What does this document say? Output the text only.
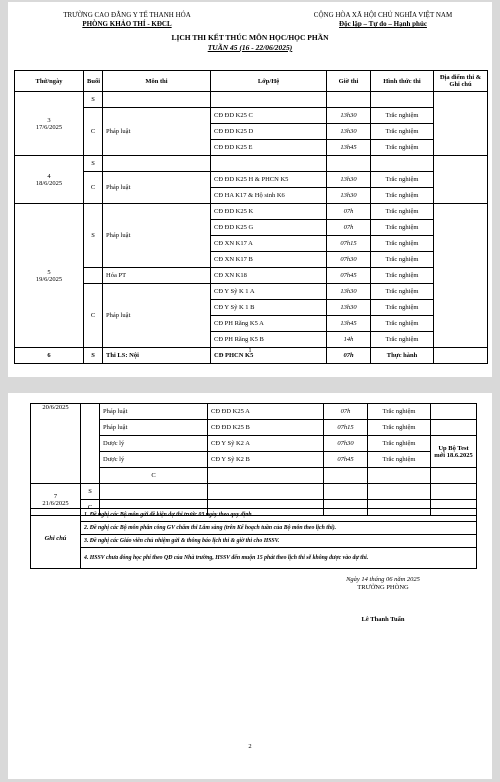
TRƯỜNG CAO ĐẲNG Y TẾ THANH HÓA
PHÒNG KHẢO THÍ - KĐCL
CỘNG HÒA XÃ HỘI CHỦ NGHĨA VIỆT NAM
Độc lập – Tự do – Hạnh phúc
LỊCH THI KẾT THÚC MÔN HỌC/HỌC PHẦN
TUẦN 45 (16 - 22/06/2025)
Thứ/ngày	Buổi	Môn thi	Lớp/Hệ	Giờ thi	Hình thức thi	Địa điểm thi & Ghi chú

3
17/6/2025	S					
	C	Pháp luật	CĐ ĐD K25 C	13h30	Trắc nghiệm	
			CĐ ĐD K25 D	13h30	Trắc nghiệm	
			CĐ ĐD K25 E	13h45	Trắc nghiệm	

4
18/6/2025	S					
	C	Pháp luật	CĐ ĐD K25 H & PHCN K5	13h30	Trắc nghiệm	
			CĐ HA K17 & Hộ sinh K6	13h30	Trắc nghiệm	

5
19/6/2025	S	Pháp luật	CĐ ĐD K25 K	07h	Trắc nghiệm	
			CĐ ĐD K25 G	07h	Trắc nghiệm	
			CĐ XN K17 A	07h15	Trắc nghiệm	
			CĐ XN K17 B	07h30	Trắc nghiệm	
		Hóa PT	CĐ XN K18	07h45	Trắc nghiệm	
	C	Pháp luật	CĐ Y Sỹ K 1 A	13h30	Trắc nghiệm	
			CĐ Y Sỹ K 1 B	13h30	Trắc nghiệm	
			CĐ PH Răng K5 A	13h45	Trắc nghiệm	
			CĐ PH Răng K5 B	14h	Trắc nghiệm	
6	S	Thi LS: Nội	CĐ PHCN K5	07h	Thực hành	
1
20/6/2025		Pháp luật	CĐ ĐD K25 A	07h	Trắc nghiệm	
		Pháp luật	CĐ ĐD K25 B	07h15	Trắc nghiệm	
		Dược lý	CĐ Y Sỹ K2 A	07h30	Trắc nghiệm	Up Bộ Test mới 18.6.2025
		Dược lý	CĐ Y Sỹ K2 B	07h45	Trắc nghiệm	
		C				

7
21/6/2025	S					
	C					
Ghi chú	1. Đề nghị các Bộ môn gửi đề kiện dự thi trước 03 ngày theo quy định.
2. Đề nghị các Bộ môn phân công GV chấm thi Lâm sàng (trên Kế hoạch tuần của Bộ môn theo lịch thi).
3. Đề nghị các Giáo viên chủ nhiệm gửi & thông báo lịch thi & giờ thi cho HSSV.
4. HSSV chưa đóng học phí theo QĐ của Nhà trường, HSSV đến muộn 15 phát theo lịch thi sẽ không được vào dự thi.
Ngày 14 tháng 06 năm 2025
TRƯỞNG PHÒNG
Lê Thanh Tuấn
2
